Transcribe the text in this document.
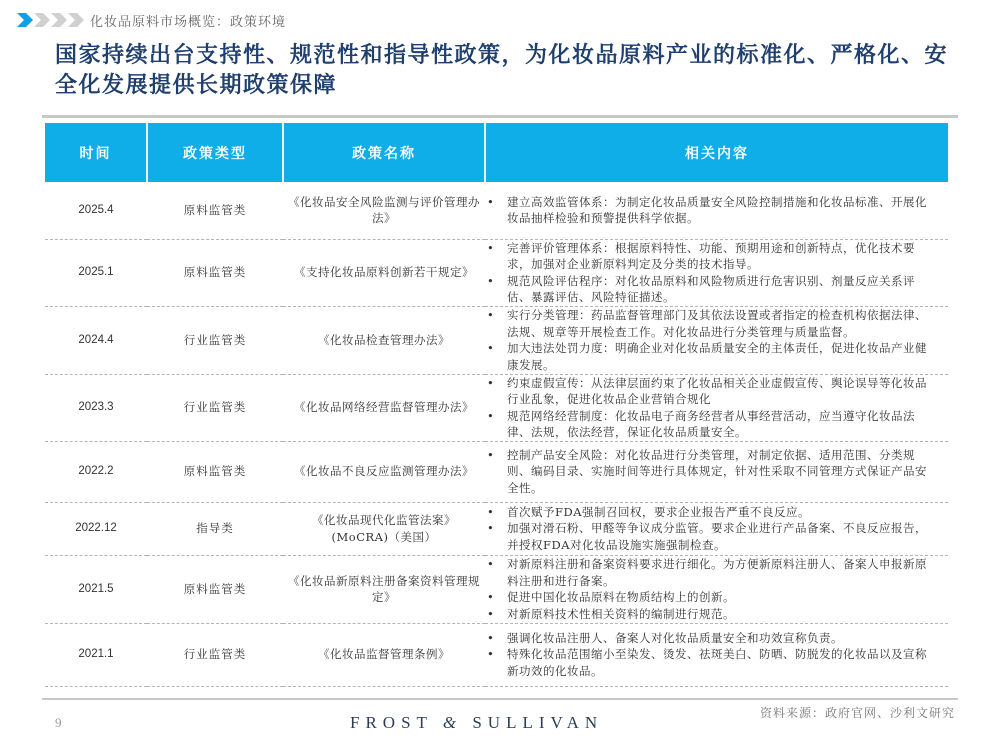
化妆品原料市场概览：政策环境
国家持续出台支持性、规范性和指导性政策，为化妆品原料产业的标准化、严格化、安全化发展提供长期政策保障
时间	政策类型	政策名称	相关内容
2025.4	原料监管类	《化妆品安全风险监测与评价管理办法》	
• 建立高效监管体系：为制定化妆品质量安全风险控制措施和化妆品标准、开展化妆品抽样检验和预警提供科学依据。

2025.1	原料监管类	《支持化妆品原料创新若干规定》	
• 完善评价管理体系：根据原料特性、功能、预期用途和创新特点，优化技术要求，加强对企业新原料判定及分类的技术指导。
• 规范风险评估程序：对化妆品原料和风险物质进行危害识别、剂量反应关系评估、暴露评估、风险特征描述。

2024.4	行业监管类	《化妆品检查管理办法》	
• 实行分类管理：药品监督管理部门及其依法设置或者指定的检查机构依据法律、法规、规章等开展检查工作。对化妆品进行分类管理与质量监督。
• 加大违法处罚力度：明确企业对化妆品质量安全的主体责任，促进化妆品产业健康发展。

2023.3	行业监管类	《化妆品网络经营监督管理办法》	
• 约束虚假宣传：从法律层面约束了化妆品相关企业虚假宣传、舆论误导等化妆品行业乱象，促进化妆品企业营销合规化
• 规范网络经营制度：化妆品电子商务经营者从事经营活动，应当遵守化妆品法律、法规，依法经营，保证化妆品质量安全。

2022.2	原料监管类	《化妆品不良反应监测管理办法》	
• 控制产品安全风险：对化妆品进行分类管理，对制定依据、适用范围、分类规则、编码目录、实施时间等进行具体规定，针对性采取不同管理方式保证产品安全性。

2022.12	指导类	《化妆品现代化监管法案》(MoCRA)（美国）	
• 首次赋予FDA强制召回权，要求企业报告严重不良反应。
• 加强对滑石粉、甲醛等争议成分监管。要求企业进行产品备案、不良反应报告，并授权FDA对化妆品设施实施强制检查。

2021.5	原料监管类	《化妆品新原料注册备案资料管理规定》	
• 对新原料注册和备案资料要求进行细化。为方便新原料注册人、备案人申报新原料注册和进行备案。
• 促进中国化妆品原料在物质结构上的创新。
• 对新原料技术性相关资料的编制进行规范。

2021.1	行业监管类	《化妆品监督管理条例》	
• 强调化妆品注册人、备案人对化妆品质量安全和功效宣称负责。
• 特殊化妆品范围缩小至染发、烫发、祛斑美白、防晒、防脱发的化妆品以及宣称新功效的化妆品。
9	FROST & SULLIVAN	资料来源：政府官网、沙利文研究
